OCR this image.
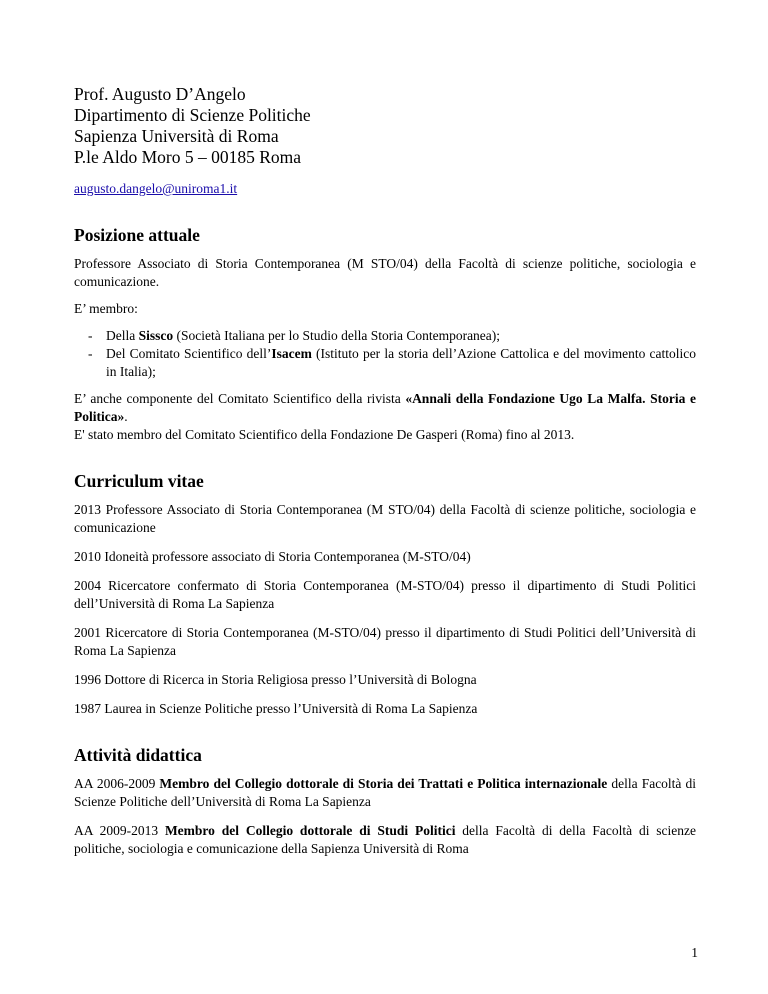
Prof. Augusto D’Angelo
Dipartimento di Scienze Politiche
Sapienza Università di Roma
P.le Aldo Moro 5 – 00185 Roma
augusto.dangelo@uniroma1.it
Posizione attuale

Professore Associato di Storia Contemporanea (M STO/04) della Facoltà di scienze politiche, sociologia e comunicazione.

E’ membro:

- Della Sissco (Società Italiana per lo Studio della Storia Contemporanea);
- Del Comitato Scientifico dell’Isacem (Istituto per la storia dell’Azione Cattolica e del movimento cattolico in Italia);

E’ anche componente del Comitato Scientifico della rivista «Annali della Fondazione Ugo La Malfa. Storia e Politica».

E' stato membro del Comitato Scientifico della Fondazione De Gasperi (Roma) fino al 2013.

Curriculum vitae

2013 Professore Associato di Storia Contemporanea (M STO/04) della Facoltà di scienze politiche, sociologia e comunicazione

2010 Idoneità professore associato di Storia Contemporanea (M-STO/04)

2004 Ricercatore confermato di Storia Contemporanea (M-STO/04) presso il dipartimento di Studi Politici dell’Università di Roma La Sapienza

2001 Ricercatore di Storia Contemporanea (M-STO/04) presso il dipartimento di Studi Politici dell’Università di Roma La Sapienza

1996 Dottore di Ricerca in Storia Religiosa presso l’Università di Bologna

1987 Laurea in Scienze Politiche presso l’Università di Roma La Sapienza

Attività didattica

AA 2006-2009 Membro del Collegio dottorale di Storia dei Trattati e Politica internazionale della Facoltà di Scienze Politiche dell’Università di Roma La Sapienza

AA 2009-2013 Membro del Collegio dottorale di Studi Politici della Facoltà di della Facoltà di scienze politiche, sociologia e comunicazione della Sapienza Università di Roma

1
